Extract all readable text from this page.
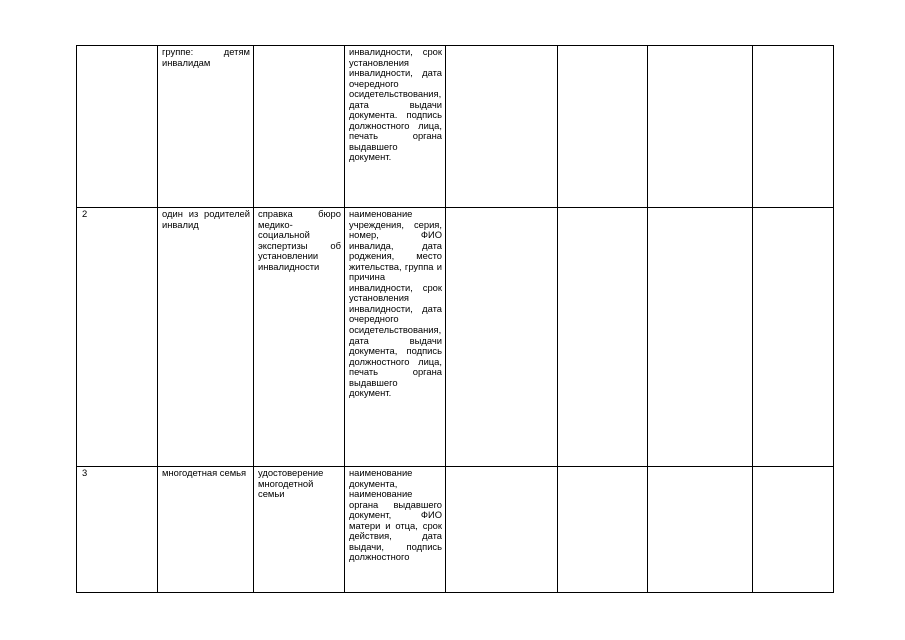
	группе: детям инвалидам		инвалидности, срок установления инвалидности, дата очередного осидетельствования, дата выдачи документа. подпись должностного лица, печать органа выдавшего документ.				
2	один из родителей инвалид	справка бюро медико-социальной экспертизы об установлении инвалидности	наименование учреждения, серия, номер, ФИО инвалида, дата роджения, место жительства, группа и причина инвалидности, срок установления инвалидности, дата очередного осидетельствования, дата выдачи документа, подпись должностного лица, печать органа выдавшего документ.				
3	многодетная семья	удостоверение многодетной семьи	наименование документа, наименование органа выдавшего документ, ФИО матери и отца, срок действия, дата выдачи, подпись должностного				
